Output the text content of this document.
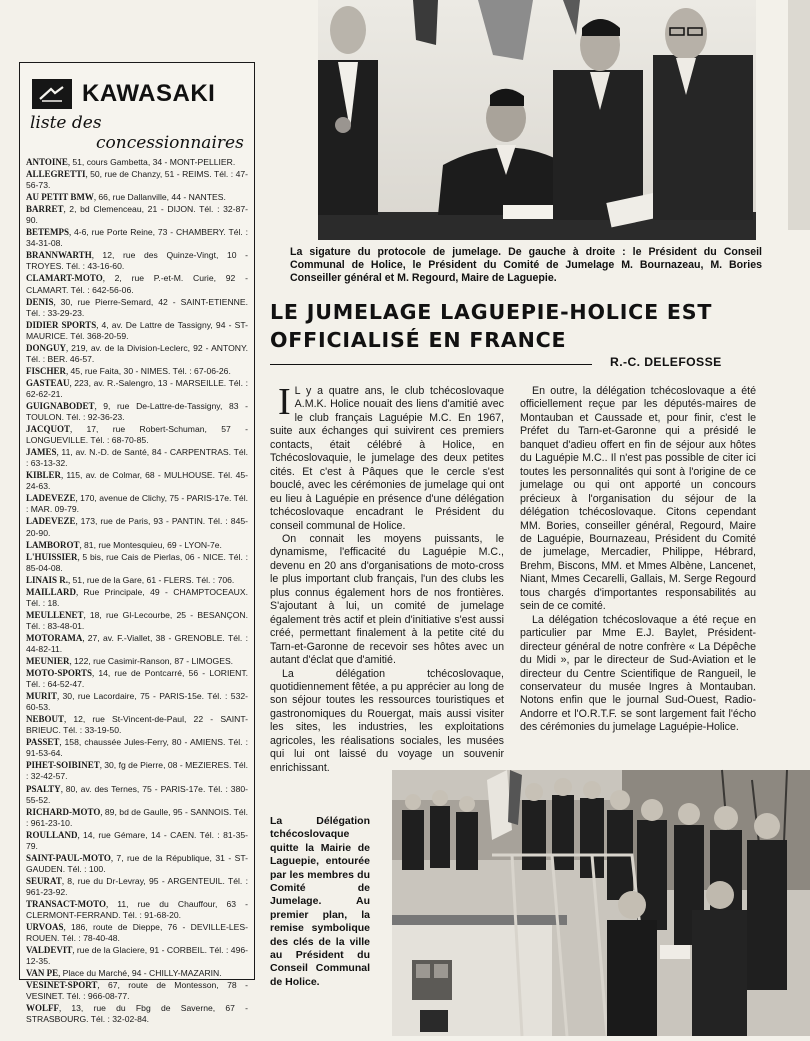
KAWASAKI
liste des
concessionnaires
ANTOINE , 51, cours Gambetta, 34 - MONT-PELLIER.
ALLEGRETTI , 50, rue de Chanzy, 51 - REIMS. Tél. : 47-56-73.
AU PETIT BMW , 66, rue Dallanville, 44 - NANTES.
BARRET , 2, bd Clemenceau, 21 - DIJON. Tél. : 32-87-90.
BETEMPS , 4-6, rue Porte Reine, 73 - CHAMBERY. Tél. : 34-31-08.
BRANNWARTH , 12, rue des Quinze-Vingt, 10 - TROYES. Tél. : 43-16-60.
CLAMART-MOTO , 2, rue P.-et-M. Curie, 92 - CLAMART. Tél. : 642-56-06.
DENIS , 30, rue Pierre-Semard, 42 - SAINT-ETIENNE. Tél. : 33-29-23.
DIDIER SPORTS , 4, av. De Lattre de Tassigny, 94 - ST-MAURICE. Tél. 368-20-59.
DONGUY , 219, av. de la Division-Leclerc, 92 - ANTONY. Tél. : BER. 46-57.
FISCHER , 45, rue Faita, 30 - NIMES. Tél. : 67-06-26.
GASTEAU , 223, av. R.-Salengro, 13 - MARSEILLE. Tél. : 62-62-21.
GUIGNABODET , 9, rue De-Lattre-de-Tassigny, 83 - TOULON. Tél. : 92-36-23.
JACQUOT , 17, rue Robert-Schuman, 57 - LONGUEVILLE. Tél. : 68-70-85.
JAMES , 11, av. N.-D. de Santé, 84 - CARPENTRAS. Tél. : 63-13-32.
KIBLER , 115, av. de Colmar, 68 - MULHOUSE. Tél. 45-24-63.
LADEVEZE , 170, avenue de Clichy, 75 - PARIS-17e. Tél. : MAR. 09-79.
LADEVEZE , 173, rue de Paris, 93 - PANTIN. Tél. : 845-20-90.
LAMBOROT , 81, rue Montesquieu, 69 - LYON-7e.
L'HUISSIER , 5 bis, rue Cais de Pierlas, 06 - NICE. Tél. : 85-04-08.
LINAIS R. , 51, rue de la Gare, 61 - FLERS. Tél. : 706.
MAILLARD , Rue Principale, 49 - CHAMPTOCEAUX. Tél. : 18.
MEULLENET , 18, rue Gl-Lecourbe, 25 - BESANÇON. Tél. : 83-48-01.
MOTORAMA , 27, av. F.-Viallet, 38 - GRENOBLE. Tél. : 44-82-11.
MEUNIER , 122, rue Casimir-Ranson, 87 - LIMOGES.
MOTO-SPORTS , 14, rue de Pontcarré, 56 - LORIENT. Tél. : 64-52-47.
MURIT , 30, rue Lacordaire, 75 - PARIS-15e. Tél. : 532-60-53.
NEBOUT , 12, rue St-Vincent-de-Paul, 22 - SAINT-BRIEUC. Tél. : 33-19-50.
PASSET , 158, chaussée Jules-Ferry, 80 - AMIENS. Tél. : 91-53-64.
PIHET-SOIBINET , 30, fg de Pierre, 08 - MEZIERES. Tél. : 32-42-57.
PSALTY , 80, av. des Ternes, 75 - PARIS-17e. Tél. : 380-55-52.
RICHARD-MOTO , 89, bd de Gaulle, 95 - SANNOIS. Tél. : 961-23-10.
ROULLAND , 14, rue Gémare, 14 - CAEN. Tél. : 81-35-79.
SAINT-PAUL-MOTO , 7, rue de la République, 31 - ST-GAUDEN. Tél. : 100.
SEURAT , 8, rue du Dr-Levray, 95 - ARGENTEUIL. Tél. : 961-23-92.
TRANSACT-MOTO , 11, rue du Chauffour, 63 - CLERMONT-FERRAND. Tél. : 91-68-20.
URVOAS , 186, route de Dieppe, 76 - DEVILLE-LES-ROUEN. Tél. : 78-40-48.
VALDEVIT , rue de la Glaciere, 91 - CORBEIL. Tél. : 496-12-35.
VAN PE , Place du Marché, 94 - CHILLY-MAZARIN.
VESINET-SPORT , 67, route de Montesson, 78 - VESINET. Tél. : 966-08-77.
WOLFF , 13, rue du Fbg de Saverne, 67 - STRASBOURG. Tél. : 32-02-84.
La sigature du protocole de jumelage. De gauche à droite : le Président du Conseil Communal de Holice, le Président du Comité de Jumelage M. Bournazeau, M. Bories Conseiller général et M. Regourd, Maire de Laguepie.
LE JUMELAGE LAGUEPIE-HOLICE EST
OFFICIALISÉ EN FRANCE
R.-C. DELEFOSSE

I L y a quatre ans, le club tchécoslovaque A.M.K. Holice nouait des liens d'amitié avec le club français Laguépie M.C. En 1967, suite aux échanges qui suivirent ces premiers contacts, était célébré à Holice, en Tchécoslovaquie, le jumelage des deux petites cités. Et c'est à Pâques que le cercle s'est bouclé, avec les cérémonies de jumelage qui ont eu lieu à Laguépie en présence d'une délégation tchécoslovaque encadrant le Président du conseil communal de Holice.

On connait les moyens puissants, le dynamisme, l'efficacité du Laguépie M.C., devenu en 20 ans d'organisations de moto-cross le plus important club français, l'un des clubs les plus connus également hors de nos frontières. S'ajoutant à lui, un comité de jumelage également très actif et plein d'initiative s'est aussi créé, permettant finalement à la petite cité du Tarn-et-Garonne de recevoir ses hôtes avec un autant d'éclat que d'amitié.

La délégation tchécoslovaque, quotidiennement fêtée, a pu apprécier au long de son séjour toutes les ressources touristiques et gastronomiques du Rouergat, mais aussi visiter les sites, les industries, les exploitations agricoles, les réalisations sociales, les musées qui lui ont laissé du voyage un souvenir enrichissant.

En outre, la délégation tchécoslovaque a été officiellement reçue par les députés-maires de Montauban et Caussade et, pour finir, c'est le Préfet du Tarn-et-Garonne qui a présidé le banquet d'adieu offert en fin de séjour aux hôtes du Laguépie M.C.. Il n'est pas possible de citer ici toutes les personnalités qui sont à l'origine de ce jumelage ou qui ont apporté un concours précieux à l'organisation du séjour de la délégation tchécoslovaque. Citons cependant MM. Bories, conseiller général, Regourd, Maire de Laguépie, Bournazeau, Président du Comité de jumelage, Mercadier, Philippe, Hébrard, Brehm, Biscons, MM. et Mmes Albène, Lancenet, Niant, Mmes Cecarelli, Gallais, M. Serge Regourd tous chargés d'importantes responsabilités au sein de ce comité.

La délégation tchécoslovaque a été reçue en particulier par Mme E.J. Baylet, Président-directeur général de notre confrère « La Dépêche du Midi », par le directeur de Sud-Aviation et le directeur du Centre Scientifique de Rangueil, le conservateur du musée Ingres à Montauban. Notons enfin que le journal Sud-Ouest, Radio-Andorre et l'O.R.T.F. se sont largement fait l'écho des cérémonies du jumelage Laguépie-Holice.

La Délégation tchécoslovaque quitte la Mairie de Laguepie, entourée par les membres du Comité de Jumelage. Au premier plan, la remise symbolique des clés de la ville au Président du Conseil Communal de Holice.
